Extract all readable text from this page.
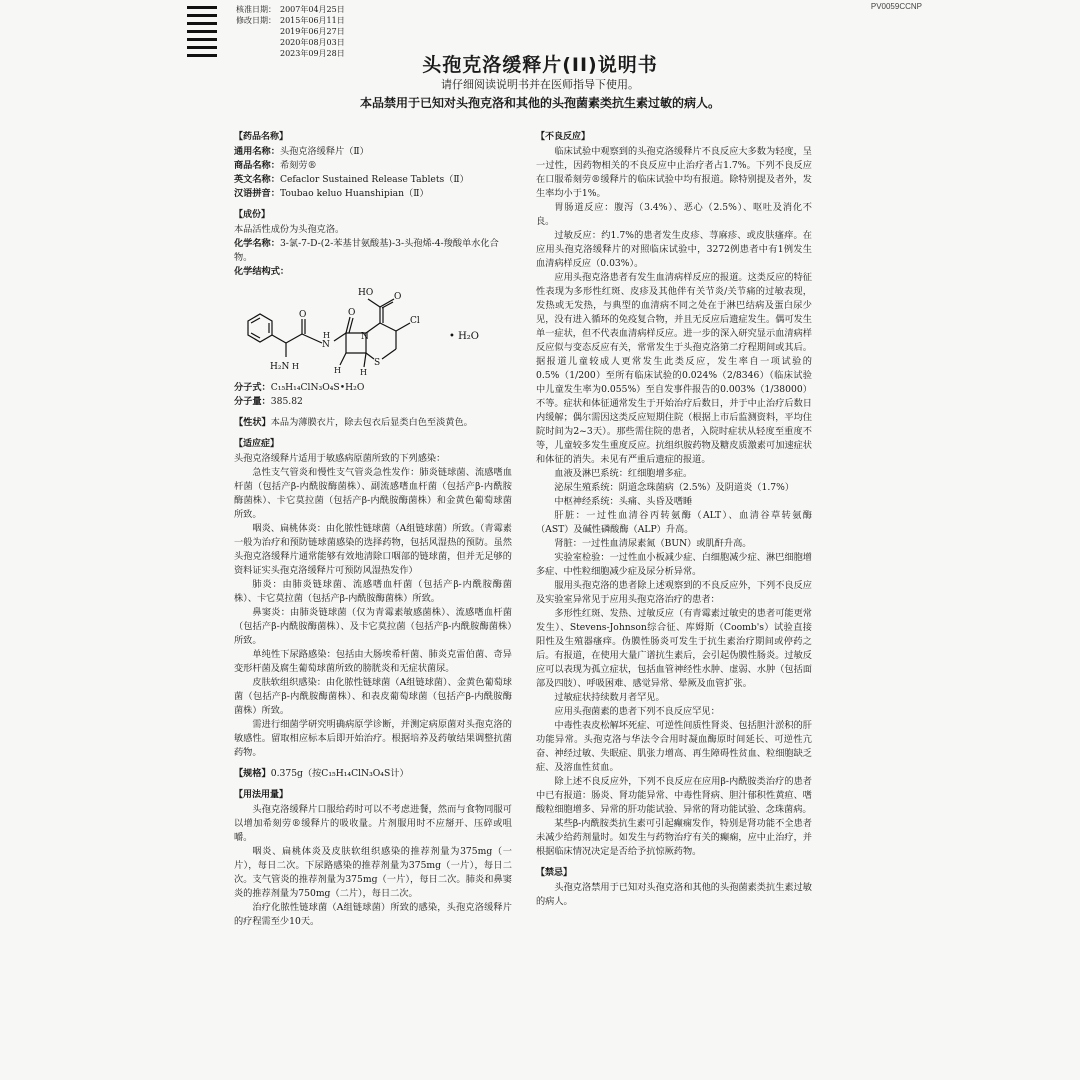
核准日期： 2007年04月25日
修改日期： 2015年06月11日
2019年06月27日
2020年08月03日
2023年09月28日
PV0059CCNP
头孢克洛缓释片(II)说明书
请仔细阅读说明书并在医师指导下使用。
本品禁用于已知对头孢克洛和其他的头孢菌素类抗生素过敏的病人。
【药品名称】
通用名称： 头孢克洛缓释片（Ⅱ）
商品名称： 希刻劳®
英文名称： Cefaclor Sustained Release Tablets（Ⅱ）
汉语拼音： Toubao keluo Huanshipian（Ⅱ）
【成份】

本品活性成份为头孢克洛。

化学名称：3-氯-7-D-(2-苯基甘氨酸基)-3-头孢烯-4-羧酸单水化合物。
化学结构式：
HO O
O
O
Cl
N
S
N
H
H
H₂N	H H
• H₂O
分子式： C₁₅H₁₄ClN₃O₄S•H₂O
分子量： 385.82
【性状】 本品为薄膜衣片，除去包衣后显类白色至淡黄色。
【适应症】

头孢克洛缓释片适用于敏感病原菌所致的下列感染：

急性支气管炎和慢性支气管炎急性发作：肺炎链球菌、流感嗜血杆菌（包括产β-内酰胺酶菌株）、副流感嗜血杆菌（包括产β-内酰胺酶菌株）、卡它莫拉菌（包括产β-内酰胺酶菌株）和金黄色葡萄球菌所致。

咽炎、扁桃体炎：由化脓性链球菌（A组链球菌）所致。（青霉素一般为治疗和预防链球菌感染的选择药物，包括风湿热的预防。虽然头孢克洛缓释片通常能够有效地清除口咽部的链球菌，但并无足够的资料证实头孢克洛缓释片可预防风湿热发作）

肺炎：由肺炎链球菌、流感嗜血杆菌（包括产β-内酰胺酶菌株）、卡它莫拉菌（包括产β-内酰胺酶菌株）所致。

鼻窦炎：由肺炎链球菌（仅为青霉素敏感菌株）、流感嗜血杆菌（包括产β-内酰胺酶菌株）、及卡它莫拉菌（包括产β-内酰胺酶菌株）所致。

单纯性下尿路感染：包括由大肠埃希杆菌、肺炎克雷伯菌、奇异变形杆菌及腐生葡萄球菌所致的膀胱炎和无症状菌尿。

皮肤软组织感染：由化脓性链球菌（A组链球菌）、金黄色葡萄球菌（包括产β-内酰胺酶菌株）、和表皮葡萄球菌（包括产β-内酰胺酶菌株）所致。

需进行细菌学研究明确病原学诊断，并测定病原菌对头孢克洛的敏感性。留取相应标本后即开始治疗。根据培养及药敏结果调整抗菌药物。

【规格】 0.375g（按C₁₅H₁₄ClN₃O₄S计）
【用法用量】

头孢克洛缓释片口服给药时可以不考虑进餐，然而与食物同服可以增加希刻劳®缓释片的吸收量。片剂服用时不应掰开、压碎或咀嚼。

咽炎、扁桃体炎及皮肤软组织感染的推荐剂量为375mg（一片），每日二次。下尿路感染的推荐剂量为375mg（一片），每日二次。支气管炎的推荐剂量为375mg（一片），每日二次。肺炎和鼻窦炎的推荐剂量为750mg（二片），每日二次。

治疗化脓性链球菌（A组链球菌）所致的感染，头孢克洛缓释片的疗程需至少10天。

【不良反应】

临床试验中观察到的头孢克洛缓释片不良反应大多数为轻度，呈一过性，因药物相关的不良反应中止治疗者占1.7%。下列不良反应在口服希刻劳®缓释片的临床试验中均有报道。除特别提及者外，发生率均小于1%。

胃肠道反应：腹泻（3.4%）、恶心（2.5%）、呕吐及消化不良。

过敏反应：约1.7%的患者发生皮疹、荨麻疹、或皮肤瘙痒。在应用头孢克洛缓释片的对照临床试验中，3272例患者中有1例发生血清病样反应（0.03%）。

应用头孢克洛患者有发生血清病样反应的报道。这类反应的特征性表现为多形性红斑、皮疹及其他伴有关节炎/关节痛的过敏表现，发热或无发热，与典型的血清病不同之处在于淋巴结病及蛋白尿少见，没有进入循环的免疫复合物，并且无反应后遗症发生。偶可发生单一症状，但不代表血清病样反应。进一步的深入研究显示血清病样反应似与变态反应有关，常常发生于头孢克洛第二疗程期间或其后。据报道儿童较成人更常发生此类反应，发生率自一项试验的0.5%（1/200）至所有临床试验的0.024%（2/8346）（临床试验中儿童发生率为0.055%）至自发事件报告的0.003%（1/38000）不等。症状和体征通常发生于开始治疗后数日，并于中止治疗后数日内缓解；偶尔需因这类反应短期住院（根据上市后监测资料，平均住院时间为2~3天）。那些需住院的患者，入院时症状从轻度至重度不等，儿童较多发生重度反应。抗组织胺药物及糖皮质激素可加速症状和体征的消失。未见有严重后遗症的报道。

血液及淋巴系统：红细胞增多症。

泌尿生殖系统：阴道念珠菌病（2.5%）及阴道炎（1.7%）

中枢神经系统：头痛、头昏及嗜睡

肝脏：一过性血清谷丙转氨酶（ALT）、血清谷草转氨酶（AST）及碱性磷酸酶（ALP）升高。

肾脏：一过性血清尿素氮（BUN）或肌酐升高。

实验室检验：一过性血小板减少症、白细胞减少症、淋巴细胞增多症、中性粒细胞减少症及尿分析异常。

服用头孢克洛的患者除上述观察到的不良反应外，下列不良反应及实验室异常见于应用头孢克洛治疗的患者：

多形性红斑、发热、过敏反应（有青霉素过敏史的患者可能更常发生）、Stevens-Johnson综合征、库姆斯（Coomb's）试验直接阳性及生殖器瘙痒。伪膜性肠炎可发生于抗生素治疗期间或停药之后。有报道，在使用大量广谱抗生素后，会引起伪膜性肠炎。过敏反应可以表现为孤立症状，包括血管神经性水肿、虚弱、水肿（包括面部及四肢）、呼吸困难、感觉异常、晕厥及血管扩张。

过敏症状持续数月者罕见。

应用头孢菌素的患者下列不良反应罕见：

中毒性表皮松解坏死症、可逆性间质性肾炎、包括胆汁淤积的肝功能异常。头孢克洛与华法令合用时凝血酶原时间延长、可逆性亢奋、神经过敏、失眠症、肌张力增高、再生障碍性贫血、粒细胞缺乏症、及溶血性贫血。

除上述不良反应外，下列不良反应在应用β-内酰胺类治疗的患者中已有报道：肠炎、肾功能异常、中毒性肾病、胆汁郁积性黄疸、嗜酸粒细胞增多、异常的肝功能试验、异常的肾功能试验、念珠菌病。

某些β-内酰胺类抗生素可引起癫痫发作，特别是肾功能不全患者未减少给药剂量时。如发生与药物治疗有关的癫痫，应中止治疗，并根据临床情况决定是否给予抗惊厥药物。

【禁忌】

头孢克洛禁用于已知对头孢克洛和其他的头孢菌素类抗生素过敏的病人。
